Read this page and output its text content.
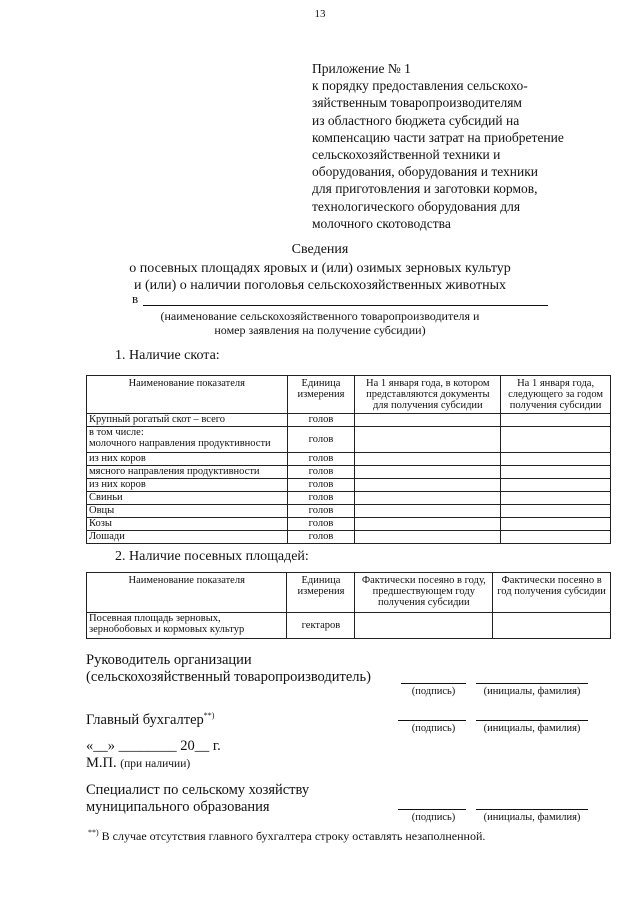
13
Приложение № 1
к порядку предоставления сельскохо-
зяйственным товаропроизводителям
из областного бюджета субсидий на
компенсацию части затрат на приобретение
сельскохозяйственной техники и
оборудования, оборудования и техники
для приготовления и заготовки кормов,
технологического оборудования для
молочного скотоводства
Сведения
о посевных площадях яровых и (или) озимых зерновых культур
и (или) о наличии поголовья сельскохозяйственных животных
в
(наименование сельскохозяйственного товаропроизводителя и
номер заявления на получение субсидии)
1. Наличие скота:
Наименование показателя	Единица измерения	На 1 января года, в котором представляются документы для получения субсидии	На 1 января года, следующего за годом получения субсидии
Крупный рогатый скот – всего	голов		

в том числе:
молочного направления продуктивности	голов		
из них коров	голов		
мясного направления продуктивности	голов		
из них коров	голов		
Свиньи	голов		
Овцы	голов		
Козы	голов		
Лошади	голов		
2. Наличие посевных площадей:
Наименование показателя	Единица измерения	Фактически посеяно в году, предшествующем году получения субсидии	Фактически посеяно в год получения субсидии

Посевная площадь зерновых,
зернобобовых и кормовых культур	гектаров		
Руководитель организации
(сельскохозяйственный товаропроизводитель)
(подпись)	(инициалы, фамилия)
Главный бухгалтер**)
(подпись)	(инициалы, фамилия)
«__» ________ 20__ г.
М.П. (при наличии)
Специалист по сельскому хозяйству
муниципального образования
(подпись)	(инициалы, фамилия)
**) В случае отсутствия главного бухгалтера строку оставлять незаполненной.
